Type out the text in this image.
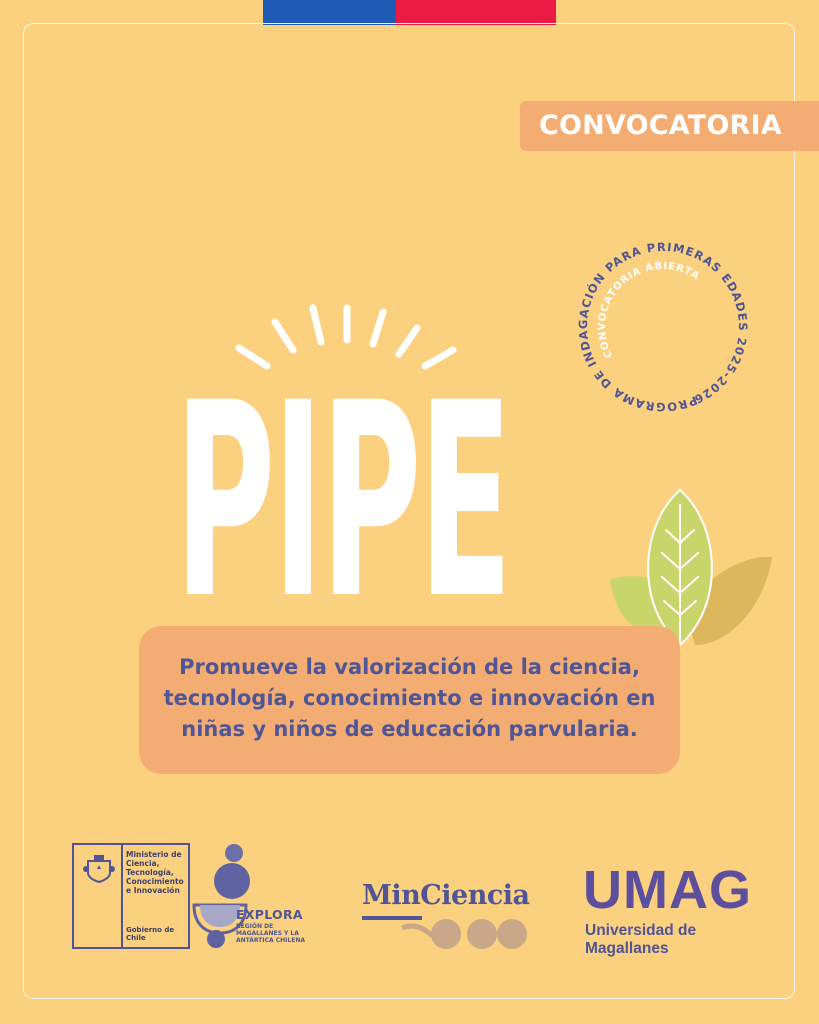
CONVOCATORIA
PROGRAMA DE INDAGACIÓN PARA PRIMERAS EDADES 2025-2026
CONVOCATORIA ABIERTA
PIPE

Promueve la valorización de la ciencia,
tecnología, conocimiento e innovación en
niñas y niños de educación parvularia.

Ministerio de
Ciencia,
Tecnología,
Conocimiento
e Innovación
Gobierno de Chile
EXPLORA
REGIÓN DE
MAGALLANES Y LA
ANTÁRTICA CHILENA
MinCiencia UMAG
Universidad de Magallanes
